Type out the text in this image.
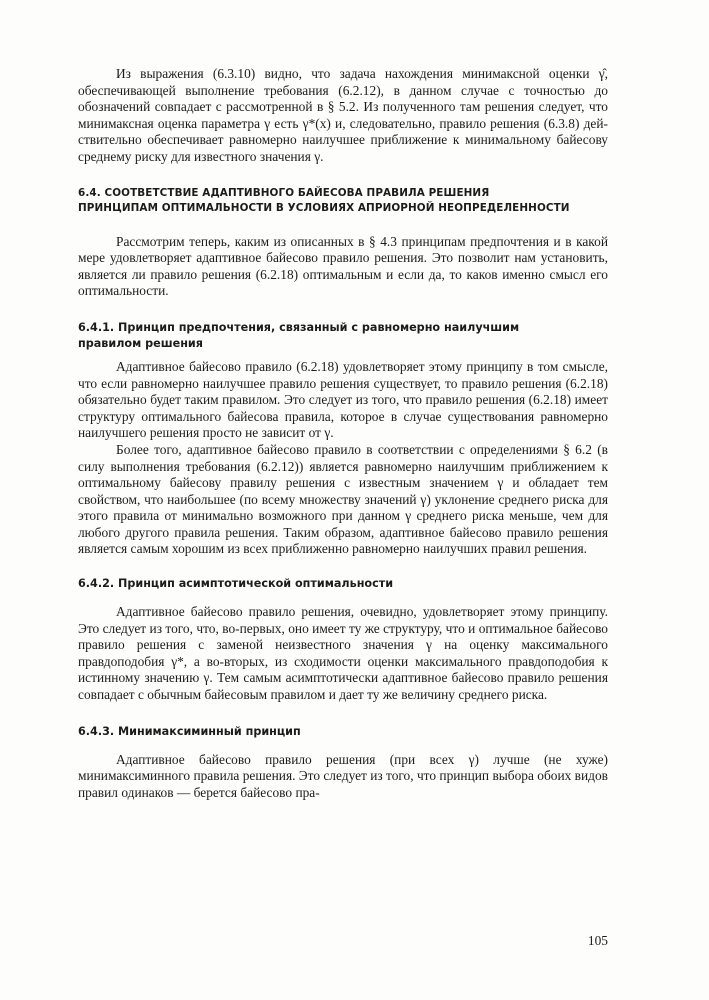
Из выражения (6.3.10) видно, что задача нахождения минимаксной оценки γ̂, обеспечивающей выполнение требования (6.2.12), в данном случае с точностью до обозначений совпадает с рассмотренной в § 5.2. Из полученного там решения следует, что минимаксная оценка параметра γ есть γ*(x) и, следовательно, правило решения (6.3.8) действительно обеспечивает равномерно наилучшее приближение к минимальному байесову среднему риску для известного значения γ.

6.4. СООТВЕТСТВИЕ АДАПТИВНОГО БАЙЕСОВА ПРАВИЛА РЕШЕНИЯ
ПРИНЦИПАМ ОПТИМАЛЬНОСТИ В УСЛОВИЯХ АПРИОРНОЙ НЕОПРЕДЕЛЕННОСТИ

Рассмотрим теперь, каким из описанных в § 4.3 принципам предпочтения и в какой мере удовлетворяет адаптивное байесово правило решения. Это позволит нам установить, является ли правило решения (6.2.18) оптимальным и если да, то каков именно смысл его оптимальности.

6.4.1. Принцип предпочтения, связанный с равномерно наилучшим
правилом решения

Адаптивное байесово правило (6.2.18) удовлетворяет этому принципу в том смысле, что если равномерно наилучшее правило решения существует, то правило решения (6.2.18) обязательно будет таким правилом. Это следует из того, что правило решения (6.2.18) имеет структуру оптимального байесова правила, которое в случае существования равномерно наилучшего решения просто не зависит от γ.

Более того, адаптивное байесово правило в соответствии с определениями § 6.2 (в силу выполнения требования (6.2.12)) является равномерно наилучшим приближением к оптимальному байесову правилу решения с известным значением γ и обладает тем свойством, что наибольшее (по всему множеству значений γ) уклонение среднего риска для этого правила от минимально возможного при данном γ среднего риска меньше, чем для любого другого правила решения. Таким образом, адаптивное байесово правило решения является самым хорошим из всех приближенно равномерно наилучших правил решения.

6.4.2. Принцип асимптотической оптимальности

Адаптивное байесово правило решения, очевидно, удовлетворяет этому принципу. Это следует из того, что, во-первых, оно имеет ту же структуру, что и оптимальное байесово правило решения с заменой неизвестного значения γ на оценку максимального правдоподобия γ*, а во-вторых, из сходимости оценки максимального правдоподобия к истинному значению γ. Тем самым асимптотически адаптивное байесово правило решения совпадает с обычным байесовым правилом и дает ту же величину среднего риска.

6.4.3. Минимаксиминный принцип

Адаптивное байесово правило решения (при всех γ) лучше (не хуже) минимаксиминного правила решения. Это следует из того, что принцип выбора обоих видов правил одинаков — берется байесово пра-

105
